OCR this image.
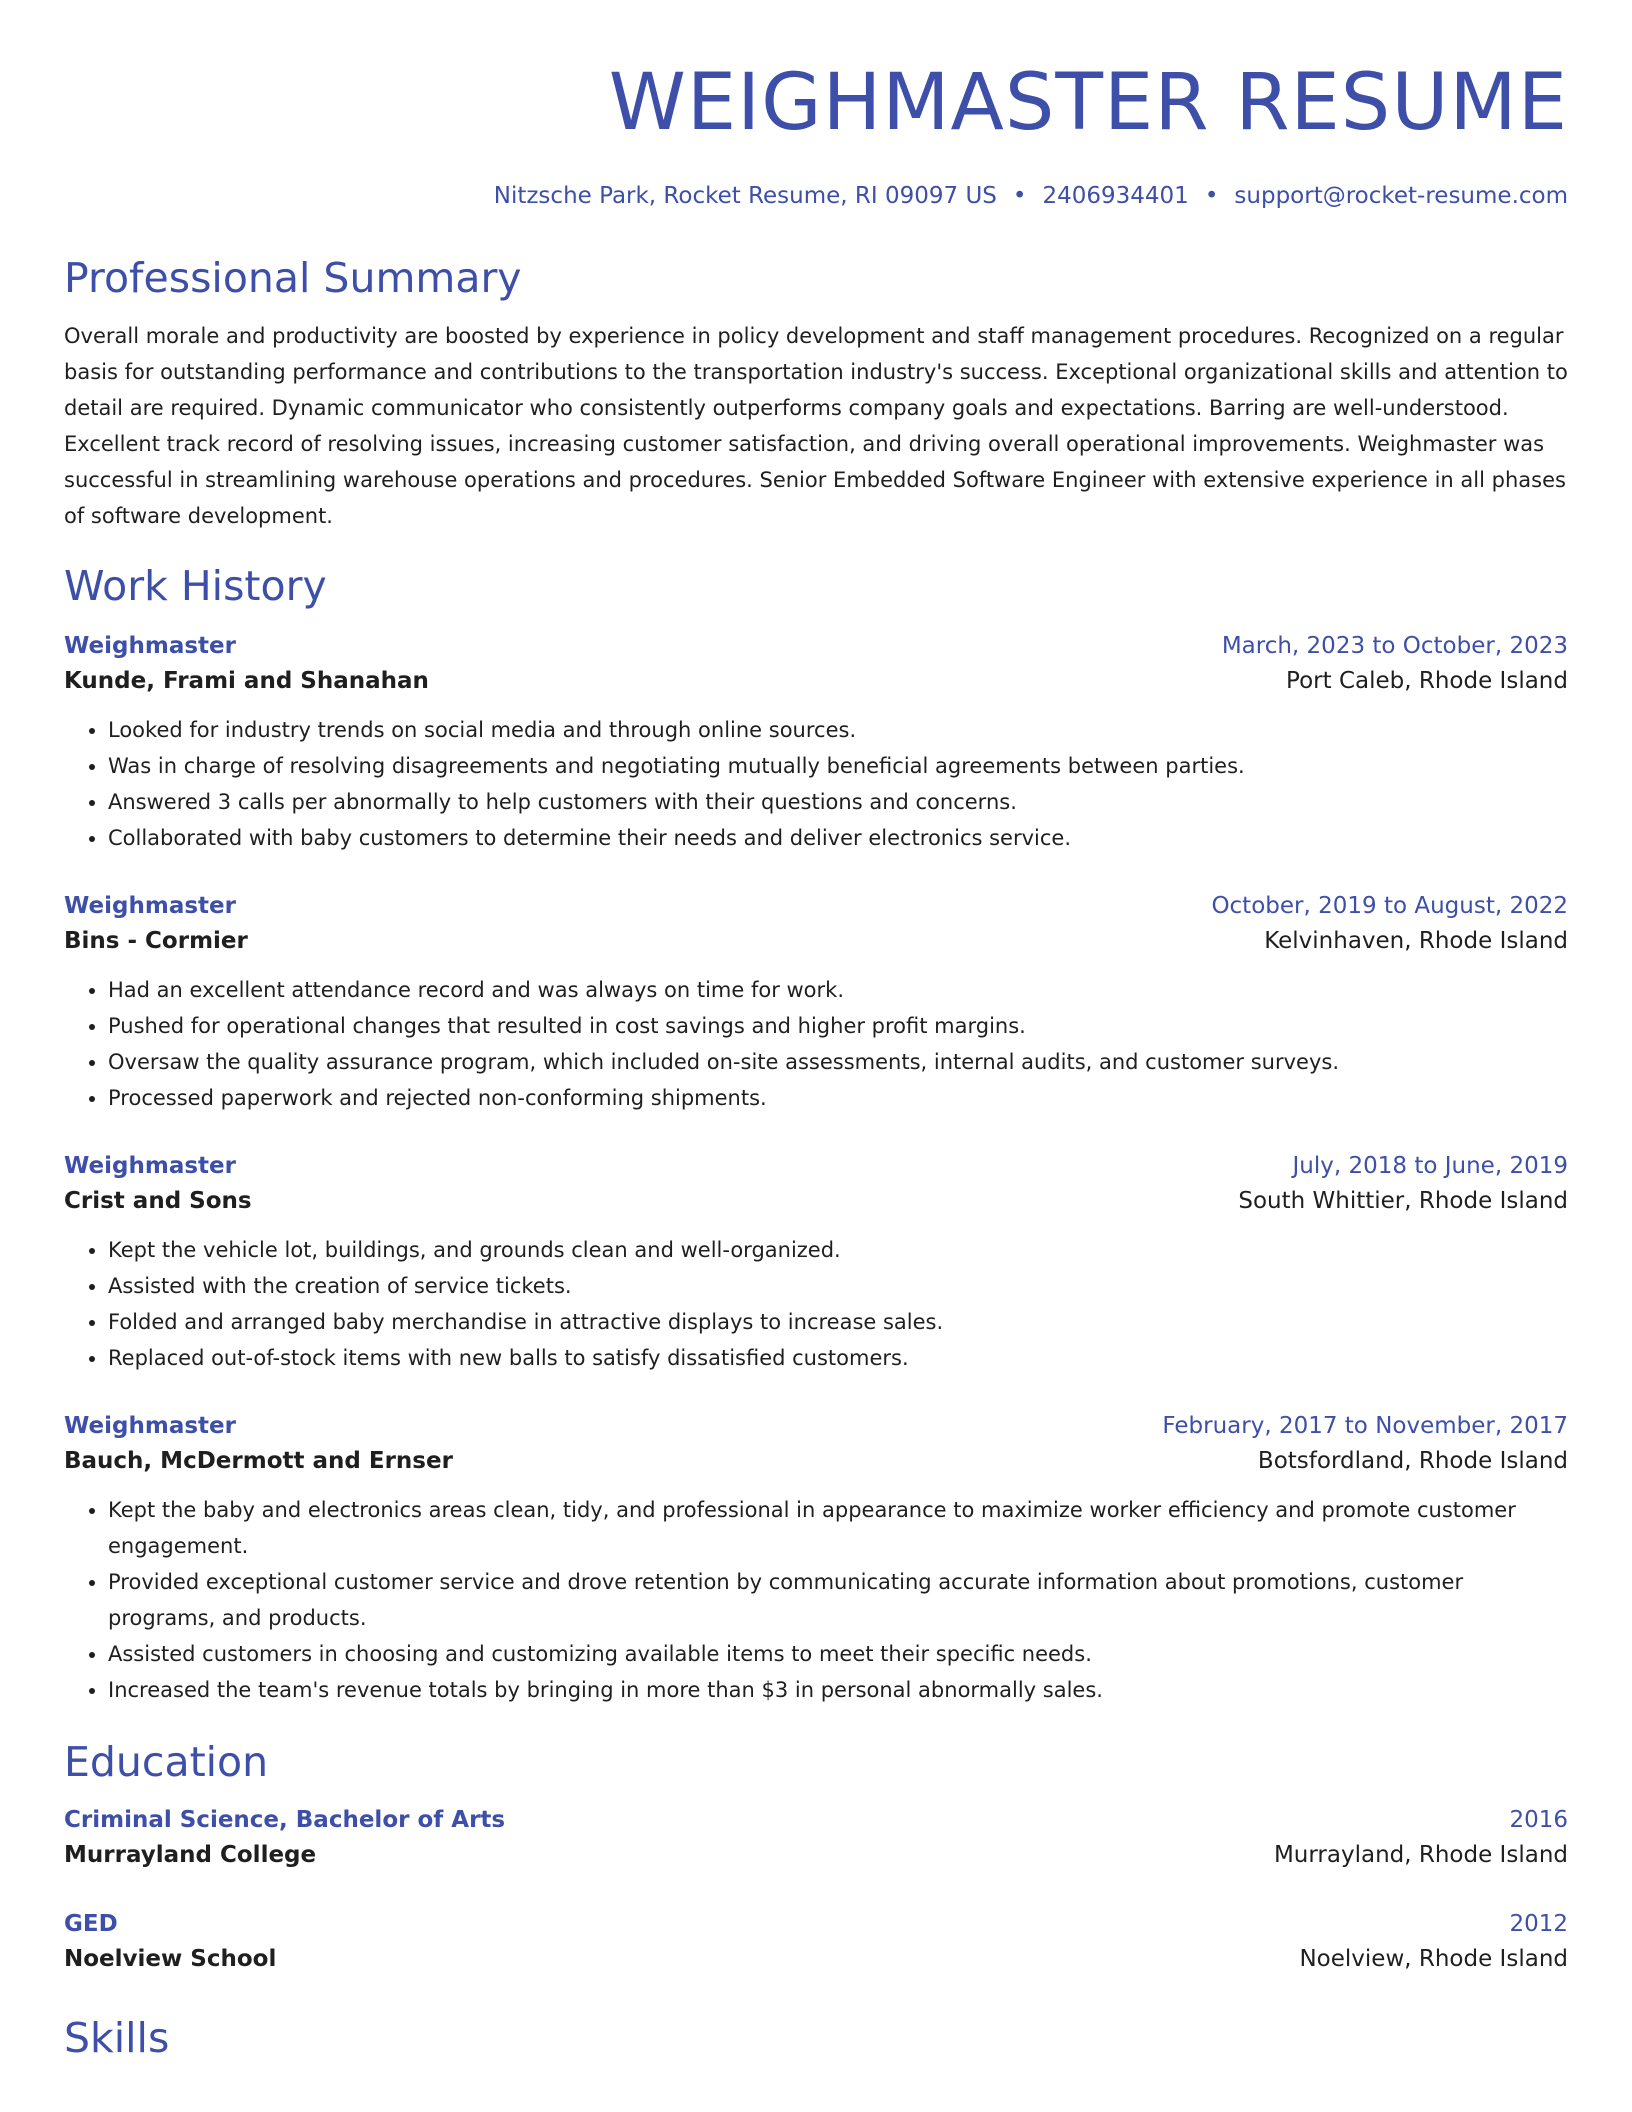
WEIGHMASTER RESUME
Nitzsche Park, Rocket Resume, RI 09097 US • 2406934401 • support@rocket-resume.com
Professional Summary
Overall morale and productivity are boosted by experience in policy development and staff management procedures. Recognized on a regular basis for outstanding performance and contributions to the transportation industry's success. Exceptional organizational skills and attention to detail are required. Dynamic communicator who consistently outperforms company goals and expectations. Barring are well-understood. Excellent track record of resolving issues, increasing customer satisfaction, and driving overall operational improvements. Weighmaster was successful in streamlining warehouse operations and procedures. Senior Embedded Software Engineer with extensive experience in all phases of software development.
Work History
Weighmaster	March, 2023 to October, 2023
Kunde, Frami and Shanahan	Port Caleb, Rhode Island
• Looked for industry trends on social media and through online sources.
• Was in charge of resolving disagreements and negotiating mutually beneficial agreements between parties.
• Answered 3 calls per abnormally to help customers with their questions and concerns.
• Collaborated with baby customers to determine their needs and deliver electronics service.
Weighmaster	October, 2019 to August, 2022
Bins - Cormier	Kelvinhaven, Rhode Island
• Had an excellent attendance record and was always on time for work.
• Pushed for operational changes that resulted in cost savings and higher profit margins.
• Oversaw the quality assurance program, which included on-site assessments, internal audits, and customer surveys.
• Processed paperwork and rejected non-conforming shipments.
Weighmaster	July, 2018 to June, 2019
Crist and Sons	South Whittier, Rhode Island
• Kept the vehicle lot, buildings, and grounds clean and well-organized.
• Assisted with the creation of service tickets.
• Folded and arranged baby merchandise in attractive displays to increase sales.
• Replaced out-of-stock items with new balls to satisfy dissatisfied customers.
Weighmaster	February, 2017 to November, 2017
Bauch, McDermott and Ernser	Botsfordland, Rhode Island
• Kept the baby and electronics areas clean, tidy, and professional in appearance to maximize worker efficiency and promote customer engagement.
• Provided exceptional customer service and drove retention by communicating accurate information about promotions, customer programs, and products.
• Assisted customers in choosing and customizing available items to meet their specific needs.
• Increased the team's revenue totals by bringing in more than $3 in personal abnormally sales.
Education
Criminal Science, Bachelor of Arts	2016
Murrayland College	Murrayland, Rhode Island
GED	2012
Noelview School	Noelview, Rhode Island
Skills
